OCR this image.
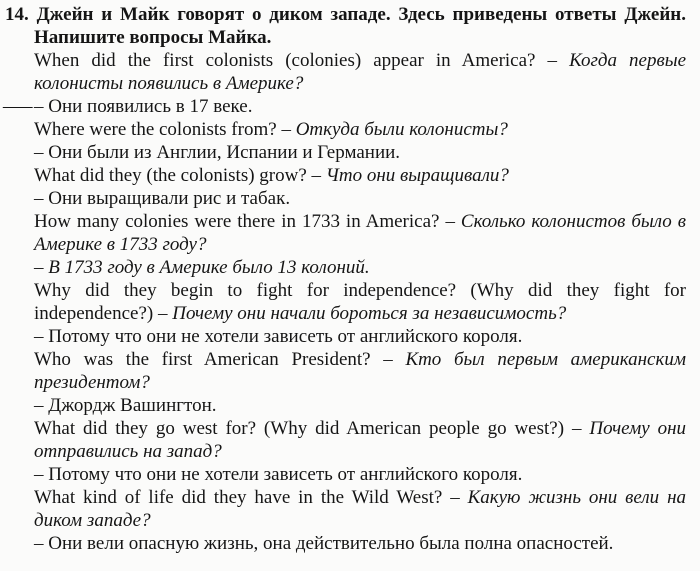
14. Джейн и Майк говорят о диком западе. Здесь приведены ответы Джейн. Напишите вопросы Майка.

When did the first colonists (colonies) appear in America? – Когда первые колонисты появились в Америке?

— – Они появились в 17 веке.

Where were the colonists from? – Откуда были колонисты?

– Они были из Англии, Испании и Германии.

What did they (the colonists) grow? – Что они выращивали?

– Они выращивали рис и табак.

How many colonies were there in 1733 in America? – Сколько колонистов было в Америке в 1733 году?

– В 1733 году в Америке было 13 колоний.

Why did they begin to fight for independence? (Why did they fight for independence?) – Почему они начали бороться за независимость?

– Потому что они не хотели зависеть от английского короля.

Who was the first American President? – Кто был первым американским президентом?

– Джордж Вашингтон.

What did they go west for? (Why did American people go west?) – Почему они отправились на запад?

– Потому что они не хотели зависеть от английского короля.

What kind of life did they have in the Wild West? – Какую жизнь они вели на диком западе?

– Они вели опасную жизнь, она действительно была полна опасностей.
